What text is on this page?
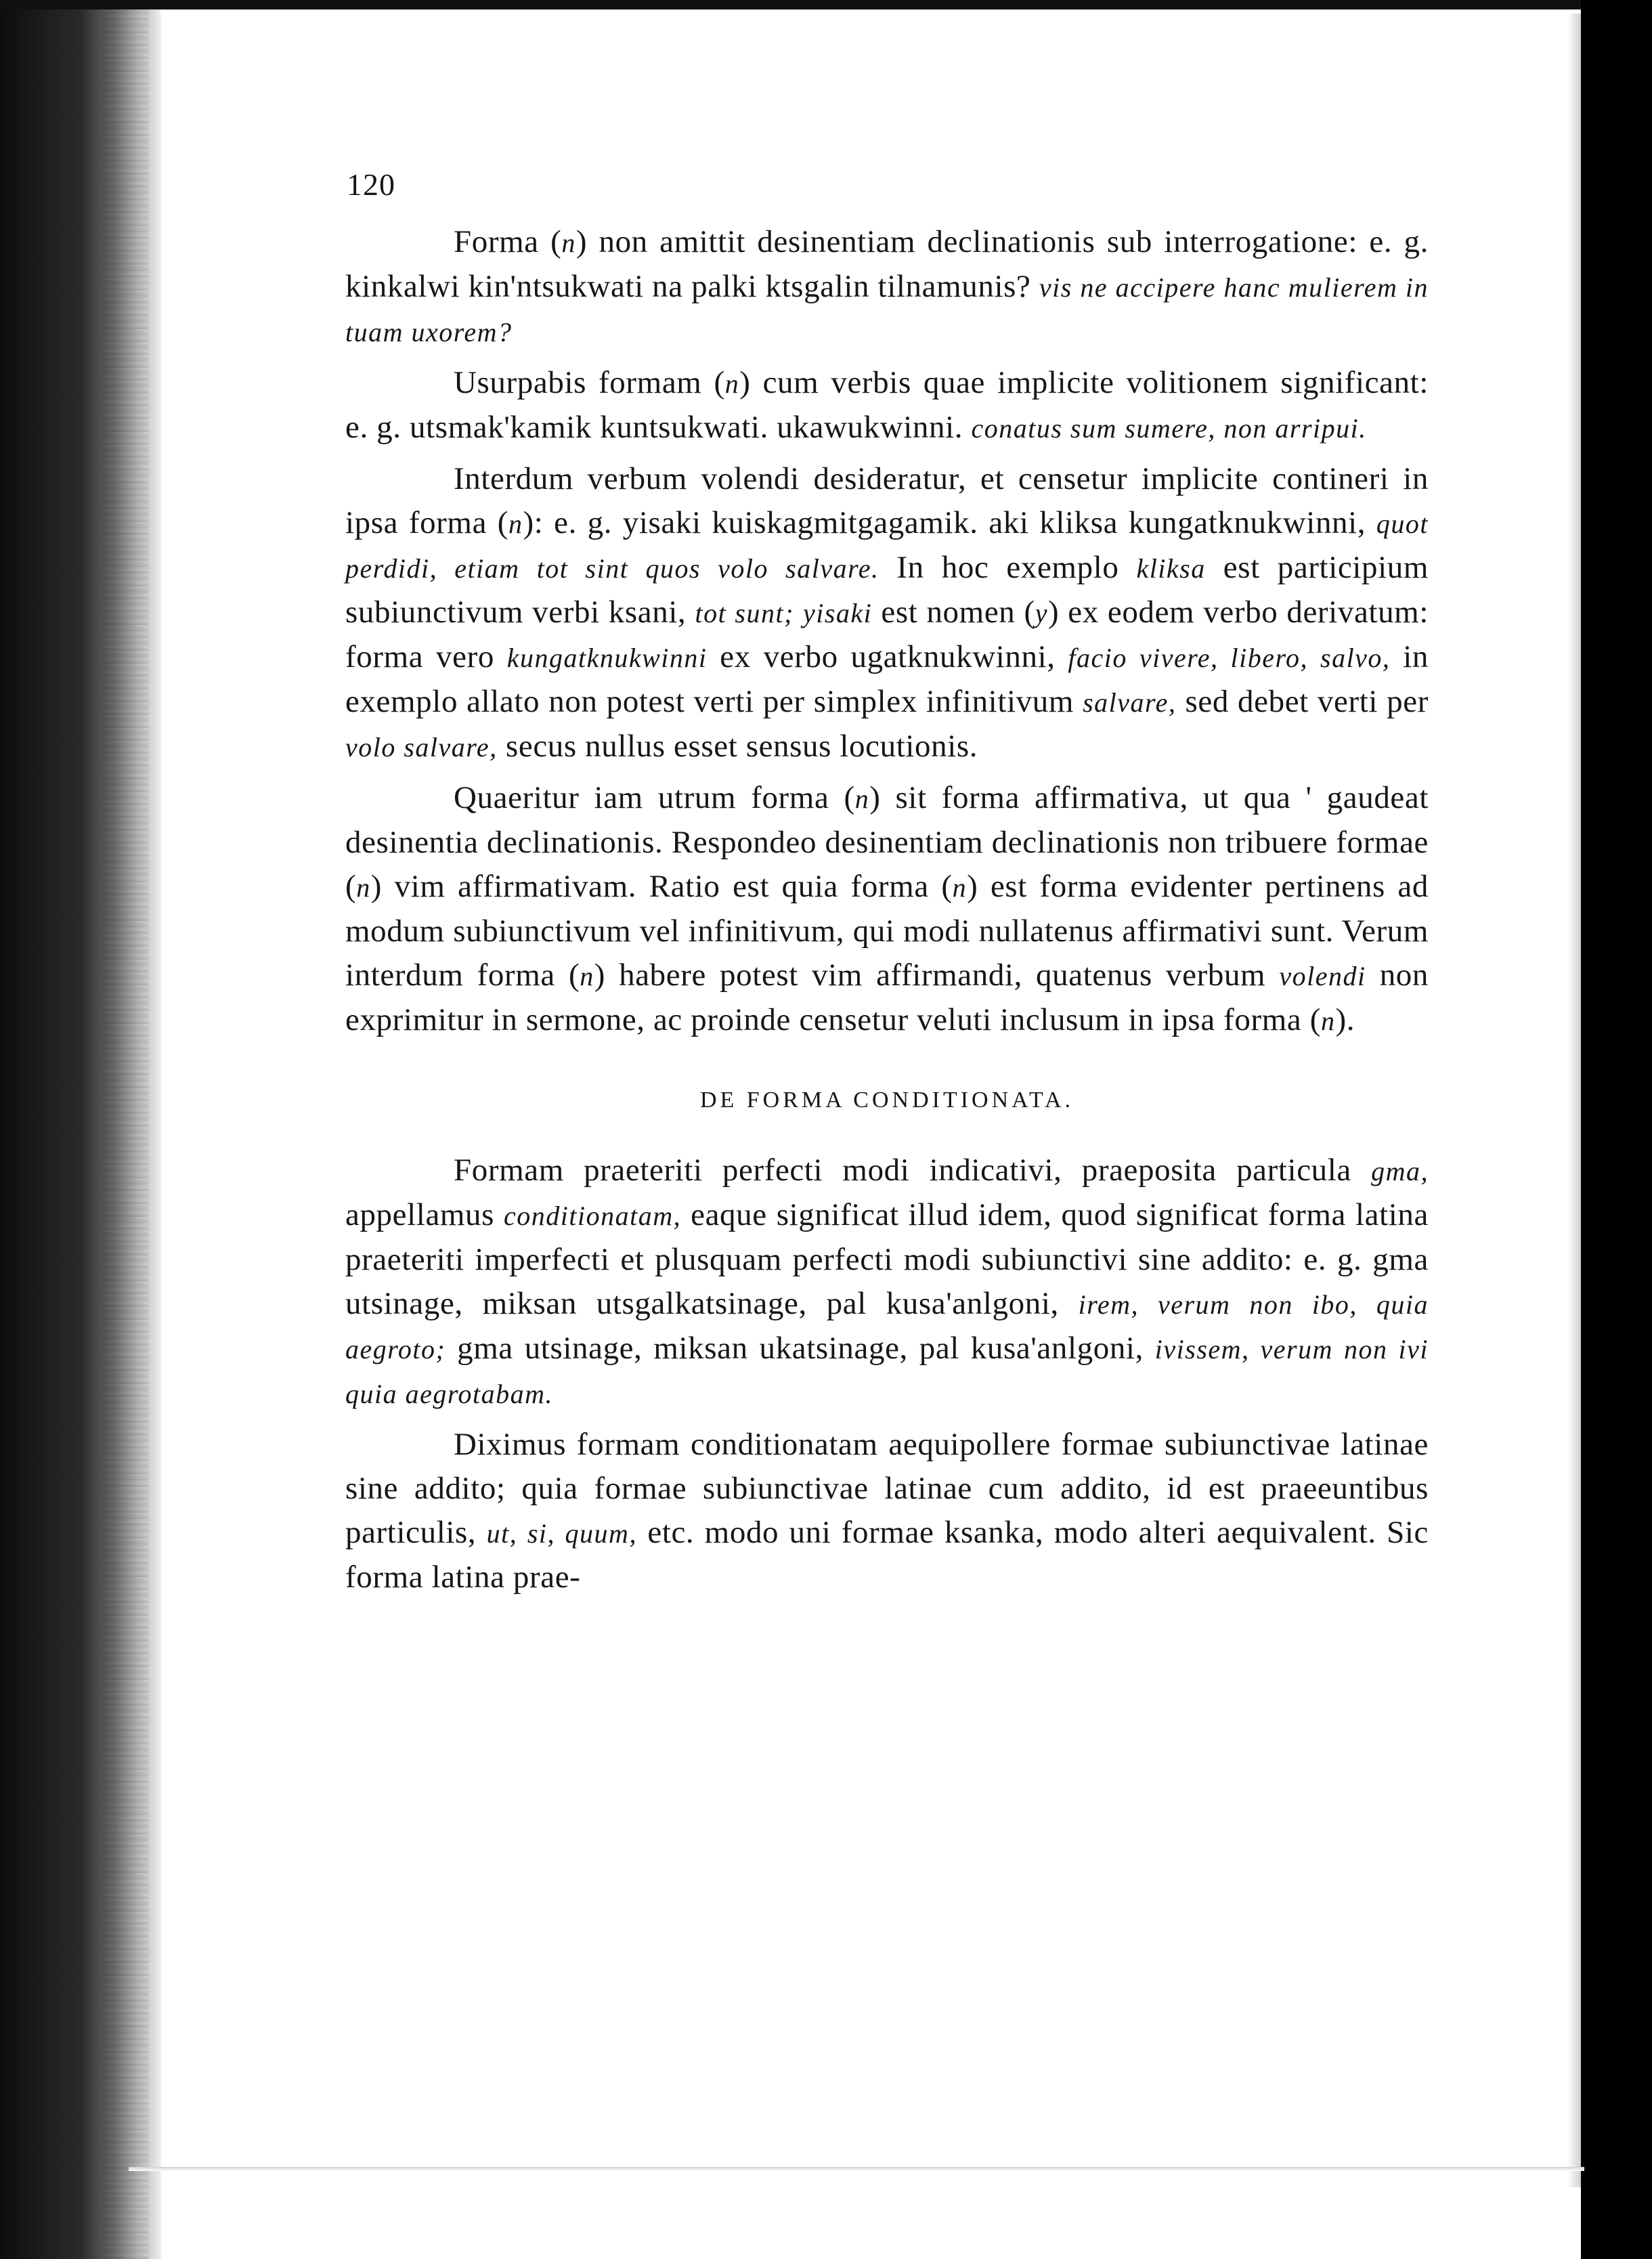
120

Forma (n) non amittit desinentiam declinationis sub interrogatione: e. g. kinkalwi kin'ntsukwati na palki ktsgalin tilnamunis? vis ne accipere hanc mulierem in tuam uxorem?

Usurpabis formam (n) cum verbis quae implicite volitionem significant: e. g. utsmak'kamik kuntsukwati. ukawukwinni. conatus sum sumere, non arripui.

Interdum verbum volendi desideratur, et censetur implicite contineri in ipsa forma (n): e. g. yisaki kuiskagmitgagamik. aki kliksa kungatknukwinni, quot perdidi, etiam tot sint quos volo salvare. In hoc exemplo kliksa est participium subiunctivum verbi ksani, tot sunt; yisaki est nomen (y) ex eodem verbo derivatum: forma vero kungatknukwinni ex verbo ugatknukwinni, facio vivere, libero, salvo, in exemplo allato non potest verti per simplex infinitivum salvare, sed debet verti per volo salvare, secus nullus esset sensus locutionis.

Quaeritur iam utrum forma (n) sit forma affirmativa, ut qua ' gaudeat desinentia declinationis. Respondeo desinentiam declinationis non tribuere formae (n) vim affirmativam. Ratio est quia forma (n) est forma evidenter pertinens ad modum subiunctivum vel infinitivum, qui modi nullatenus affirmativi sunt. Verum interdum forma (n) habere potest vim affirmandi, quatenus verbum volendi non exprimitur in sermone, ac proinde censetur veluti inclusum in ipsa forma (n).

DE FORMA CONDITIONATA.

Formam praeteriti perfecti modi indicativi, praeposita particula gma, appellamus conditionatam, eaque significat illud idem, quod significat forma latina praeteriti imperfecti et plusquam perfecti modi subiunctivi sine addito: e. g. gma utsinage, miksan utsgalkatsinage, pal kusa'anlgoni, irem, verum non ibo, quia aegroto; gma utsinage, miksan ukatsinage, pal kusa'anlgoni, ivissem, verum non ivi quia aegrotabam.

Diximus formam conditionatam aequipollere formae subiunctivae latinae sine addito; quia formae subiunctivae latinae cum addito, id est praeeuntibus particulis, ut, si, quum, etc. modo uni formae ksanka, modo alteri aequivalent. Sic forma latina prae-
